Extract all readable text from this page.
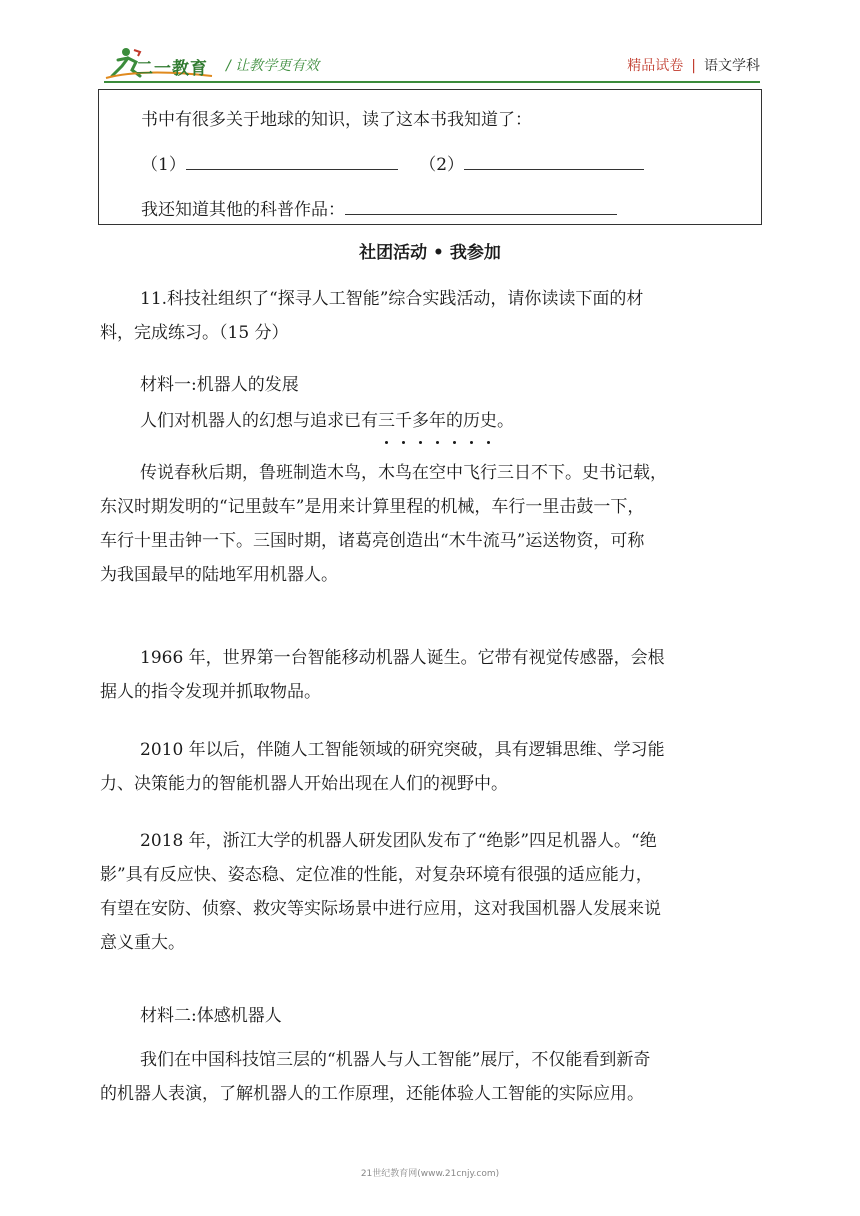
二一教育 / 让教学更有效	精品试卷 | 语文学科
书中有很多关于地球的知识，读了这本书我知道了：
（1）	（2）
我还知道其他的科普作品：
社团活动 • 我参加
11.科技社组织了“探寻人工智能”综合实践活动，请你读读下面的材
料，完成练习。（15 分）
材料一:机器人的发展
人们对机器人的幻想与追求已有三千多年的历史。
传说春秋后期，鲁班制造木鸟，木鸟在空中飞行三日不下。史书记载，
东汉时期发明的“记里鼓车”是用来计算里程的机械，车行一里击鼓一下，
车行十里击钟一下。三国时期，诸葛亮创造出“木牛流马”运送物资，可称
为我国最早的陆地军用机器人。
1966 年，世界第一台智能移动机器人诞生。它带有视觉传感器，会根
据人的指令发现并抓取物品。
2010 年以后，伴随人工智能领域的研究突破，具有逻辑思维、学习能
力、决策能力的智能机器人开始出现在人们的视野中。
2018 年，浙江大学的机器人研发团队发布了“绝影”四足机器人。“绝
影”具有反应快、姿态稳、定位准的性能，对复杂环境有很强的适应能力，
有望在安防、侦察、救灾等实际场景中进行应用，这对我国机器人发展来说
意义重大。
材料二:体感机器人
我们在中国科技馆三层的“机器人与人工智能”展厅，不仅能看到新奇
的机器人表演，了解机器人的工作原理，还能体验人工智能的实际应用。
21世纪教育网(www.21cnjy.com)
